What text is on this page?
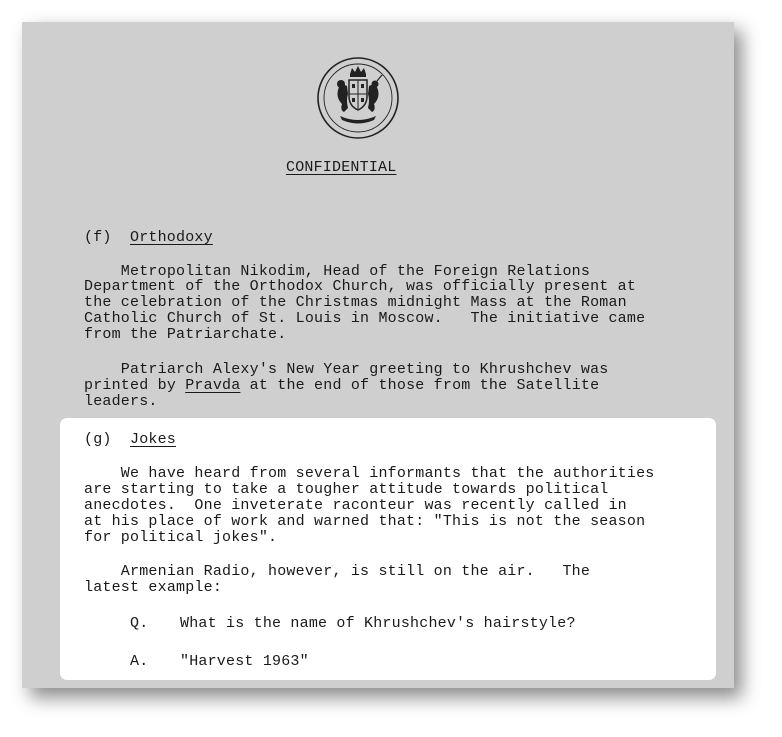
CONFIDENTIAL
(f) Orthodoxy
Metropolitan Nikodim, Head of the Foreign Relations
Department of the Orthodox Church, was officially present at
the celebration of the Christmas midnight Mass at the Roman
Catholic Church of St. Louis in Moscow.   The initiative came
from the Patriarchate.
Patriarch Alexy's New Year greeting to Khrushchev was
printed by Pravda at the end of those from the Satellite
leaders.
(g) Jokes
We have heard from several informants that the authorities
are starting to take a tougher attitude towards political
anecdotes.  One inveterate raconteur was recently called in
at his place of work and warned that: "This is not the season
for political jokes".
Armenian Radio, however, is still on the air.   The
latest example:
Q. What is the name of Khrushchev's hairstyle?
A. "Harvest 1963"
